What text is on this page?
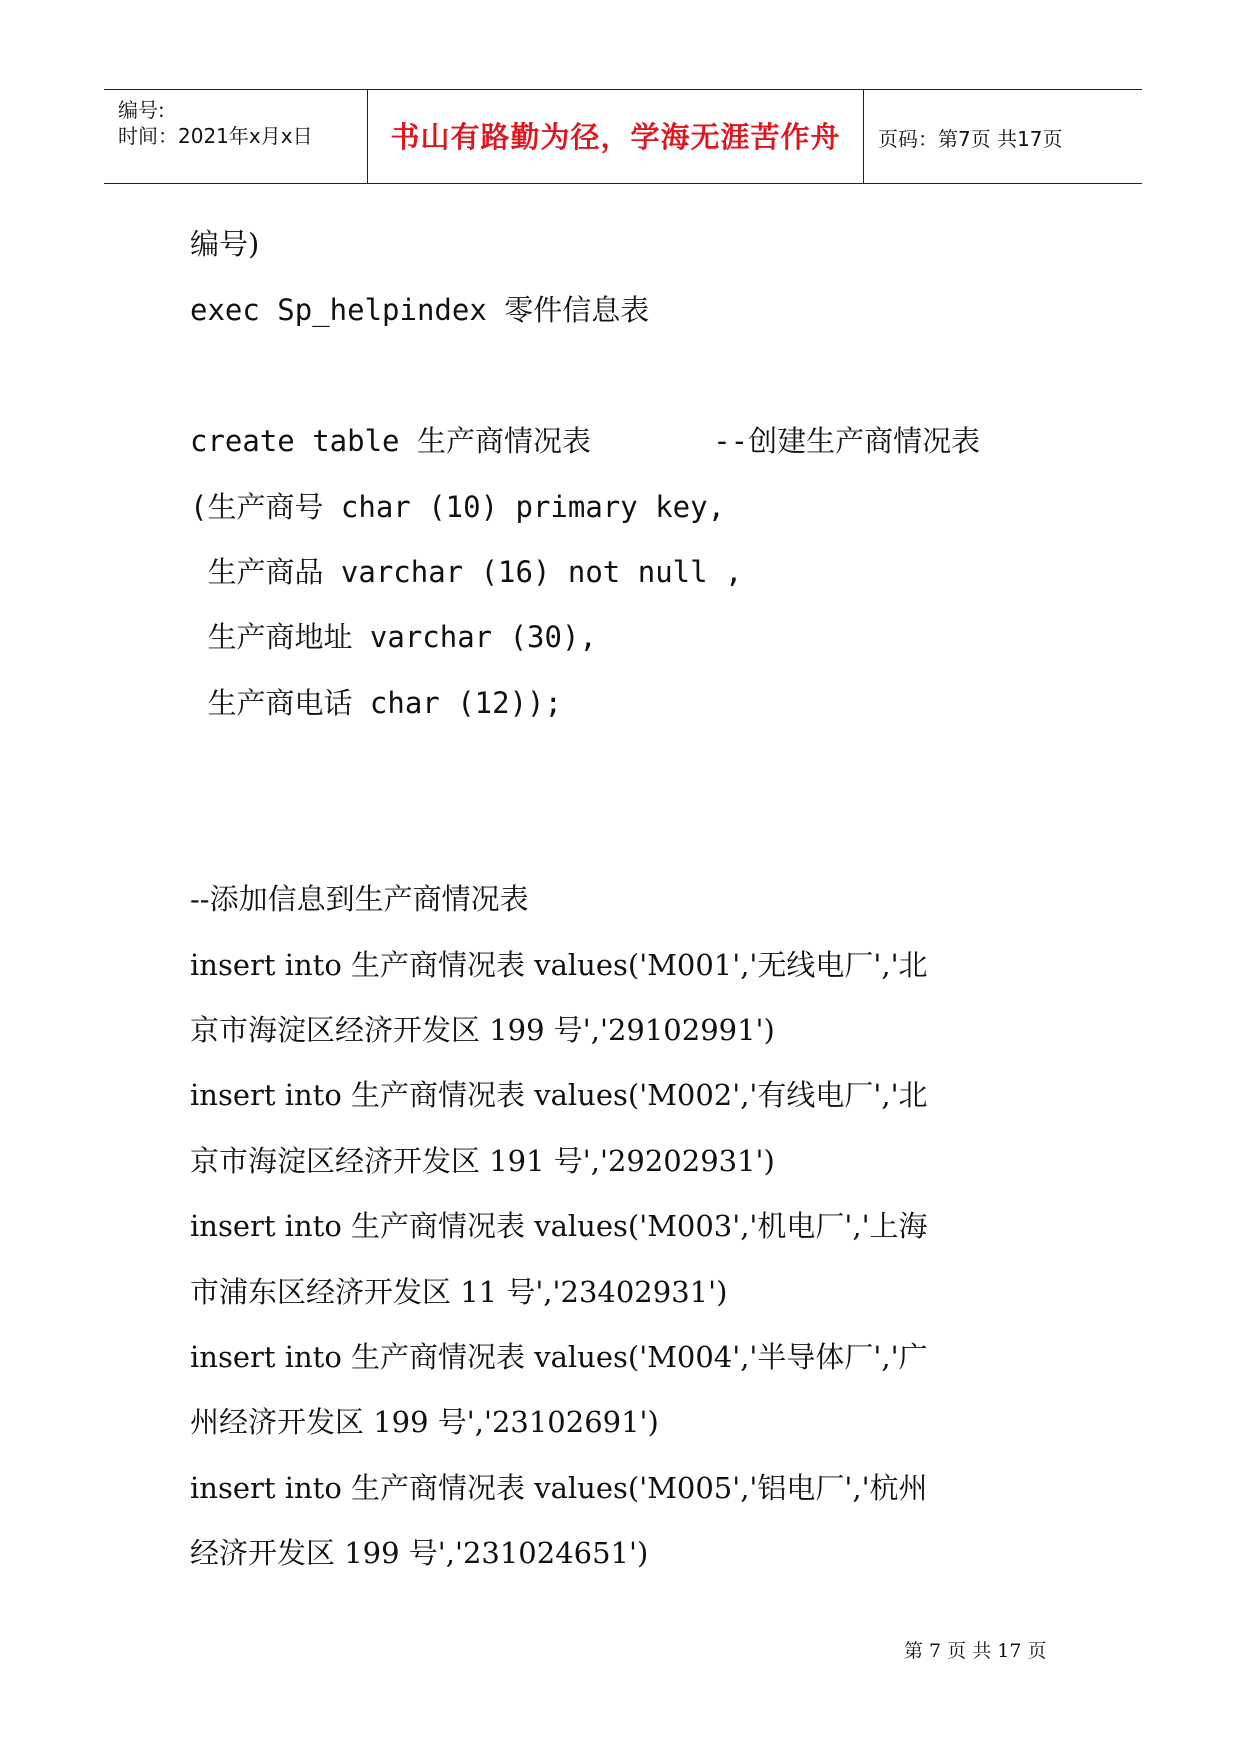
编号:
时间：2021年x月x日	书山有路勤为径，学海无涯苦作舟	页码：第7页 共17页
编号)
exec Sp_helpindex 零件信息表
create table 生产商情况表       --创建生产商情况表
(生产商号 char (10) primary key,
生产商品 varchar (16) not null ,
生产商地址 varchar (30),
生产商电话 char (12));
--添加信息到生产商情况表
insert into 生产商情况表 values('M001','无线电厂','北
京市海淀区经济开发区 199 号','29102991')
insert into 生产商情况表 values('M002','有线电厂','北
京市海淀区经济开发区 191 号','29202931')
insert into 生产商情况表 values('M003','机电厂','上海
市浦东区经济开发区 11 号','23402931')
insert into 生产商情况表 values('M004','半导体厂','广
州经济开发区 199 号','23102691')
insert into 生产商情况表 values('M005','铝电厂','杭州
经济开发区 199 号','231024651')
第 7 页 共 17 页
